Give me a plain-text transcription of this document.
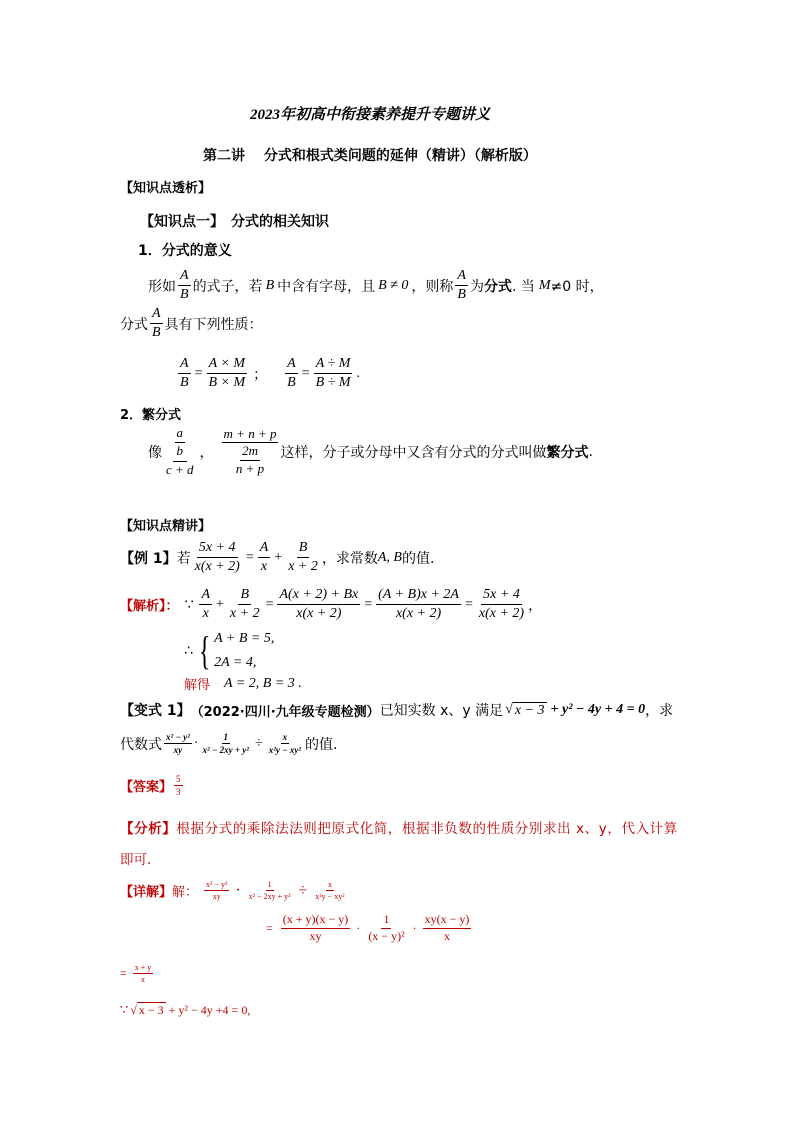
2023年初高中衔接素养提升专题讲义
第二讲　 分式和根式类问题的延伸（精讲）（解析版）
【知识点透析】
【知识点一】　分式的相关知识
1．分式的意义
形如 $\frac{A}{B}$ 的式子，若 B 中含有字母，且 B ≠ 0 ，则称 $\frac{A}{B}$ 为 分式 . 当 M ≠0 时，
分式 $\frac{A}{B}$ 具有下列性质：
$\frac{A}{B} = \frac{A \times M}{B \times M}$ ； $\frac{A}{B} = \frac{A \div M}{B \div M}$ .
2．繁分式
像 $\frac{\frac{a}{b}}{c + d}$ ， $\frac{m + n + p}{\frac{2m}{n + p}}$ 这样，分子或分母中又含有分式的分式叫做 繁分式 .
【知识点精讲】
【例 1】 若 $\frac{5x + 4}{x(x + 2)} = \frac{A}{x} + \frac{B}{x + 2}$ ，求常数 A, B 的值.
【解析】： ∵ $\frac{A}{x} + \frac{B}{x + 2} = \frac{A(x + 2) + Bx}{x(x + 2)} = \frac{(A + B)x + 2A}{x(x + 2)} = \frac{5x + 4}{x(x + 2)}$ ，
∴ { A + B = 5,
2A = 4,
解得 A = 2, B = 3 .
【变式 1】 （2022·四川·九年级专题检测） 已知实数 x、y 满足 √ x − 3 + y² − 4y + 4 = 0 ，求
代数式 $\frac{\text{x² − y²}}{xy} \cdot \frac{1}{\text{x² − 2xy + y²}} \div \frac{x}{\text{x²y − xy²}}$ 的值.
【答案】 $\frac{5}{3}$
【分析】根据分式的乘除法法则把原式化简，根据非负数的性质分别求出 x、y，代入计算
即可.
【详解】 解： $\frac{\text{x² − y²}}{xy} \cdot \frac{1}{\text{x² − 2xy + y²}} \div \frac{x}{\text{x²y − xy²}}$
= $\frac{(x + y)(x - y)}{xy} \cdot \frac{1}{\text{(x − y)²}} \cdot \frac{xy(x - y)}{x}$
= $\frac{x + y}{x}$
∵ √ x − 3 + y² − 4y +4 = 0,
